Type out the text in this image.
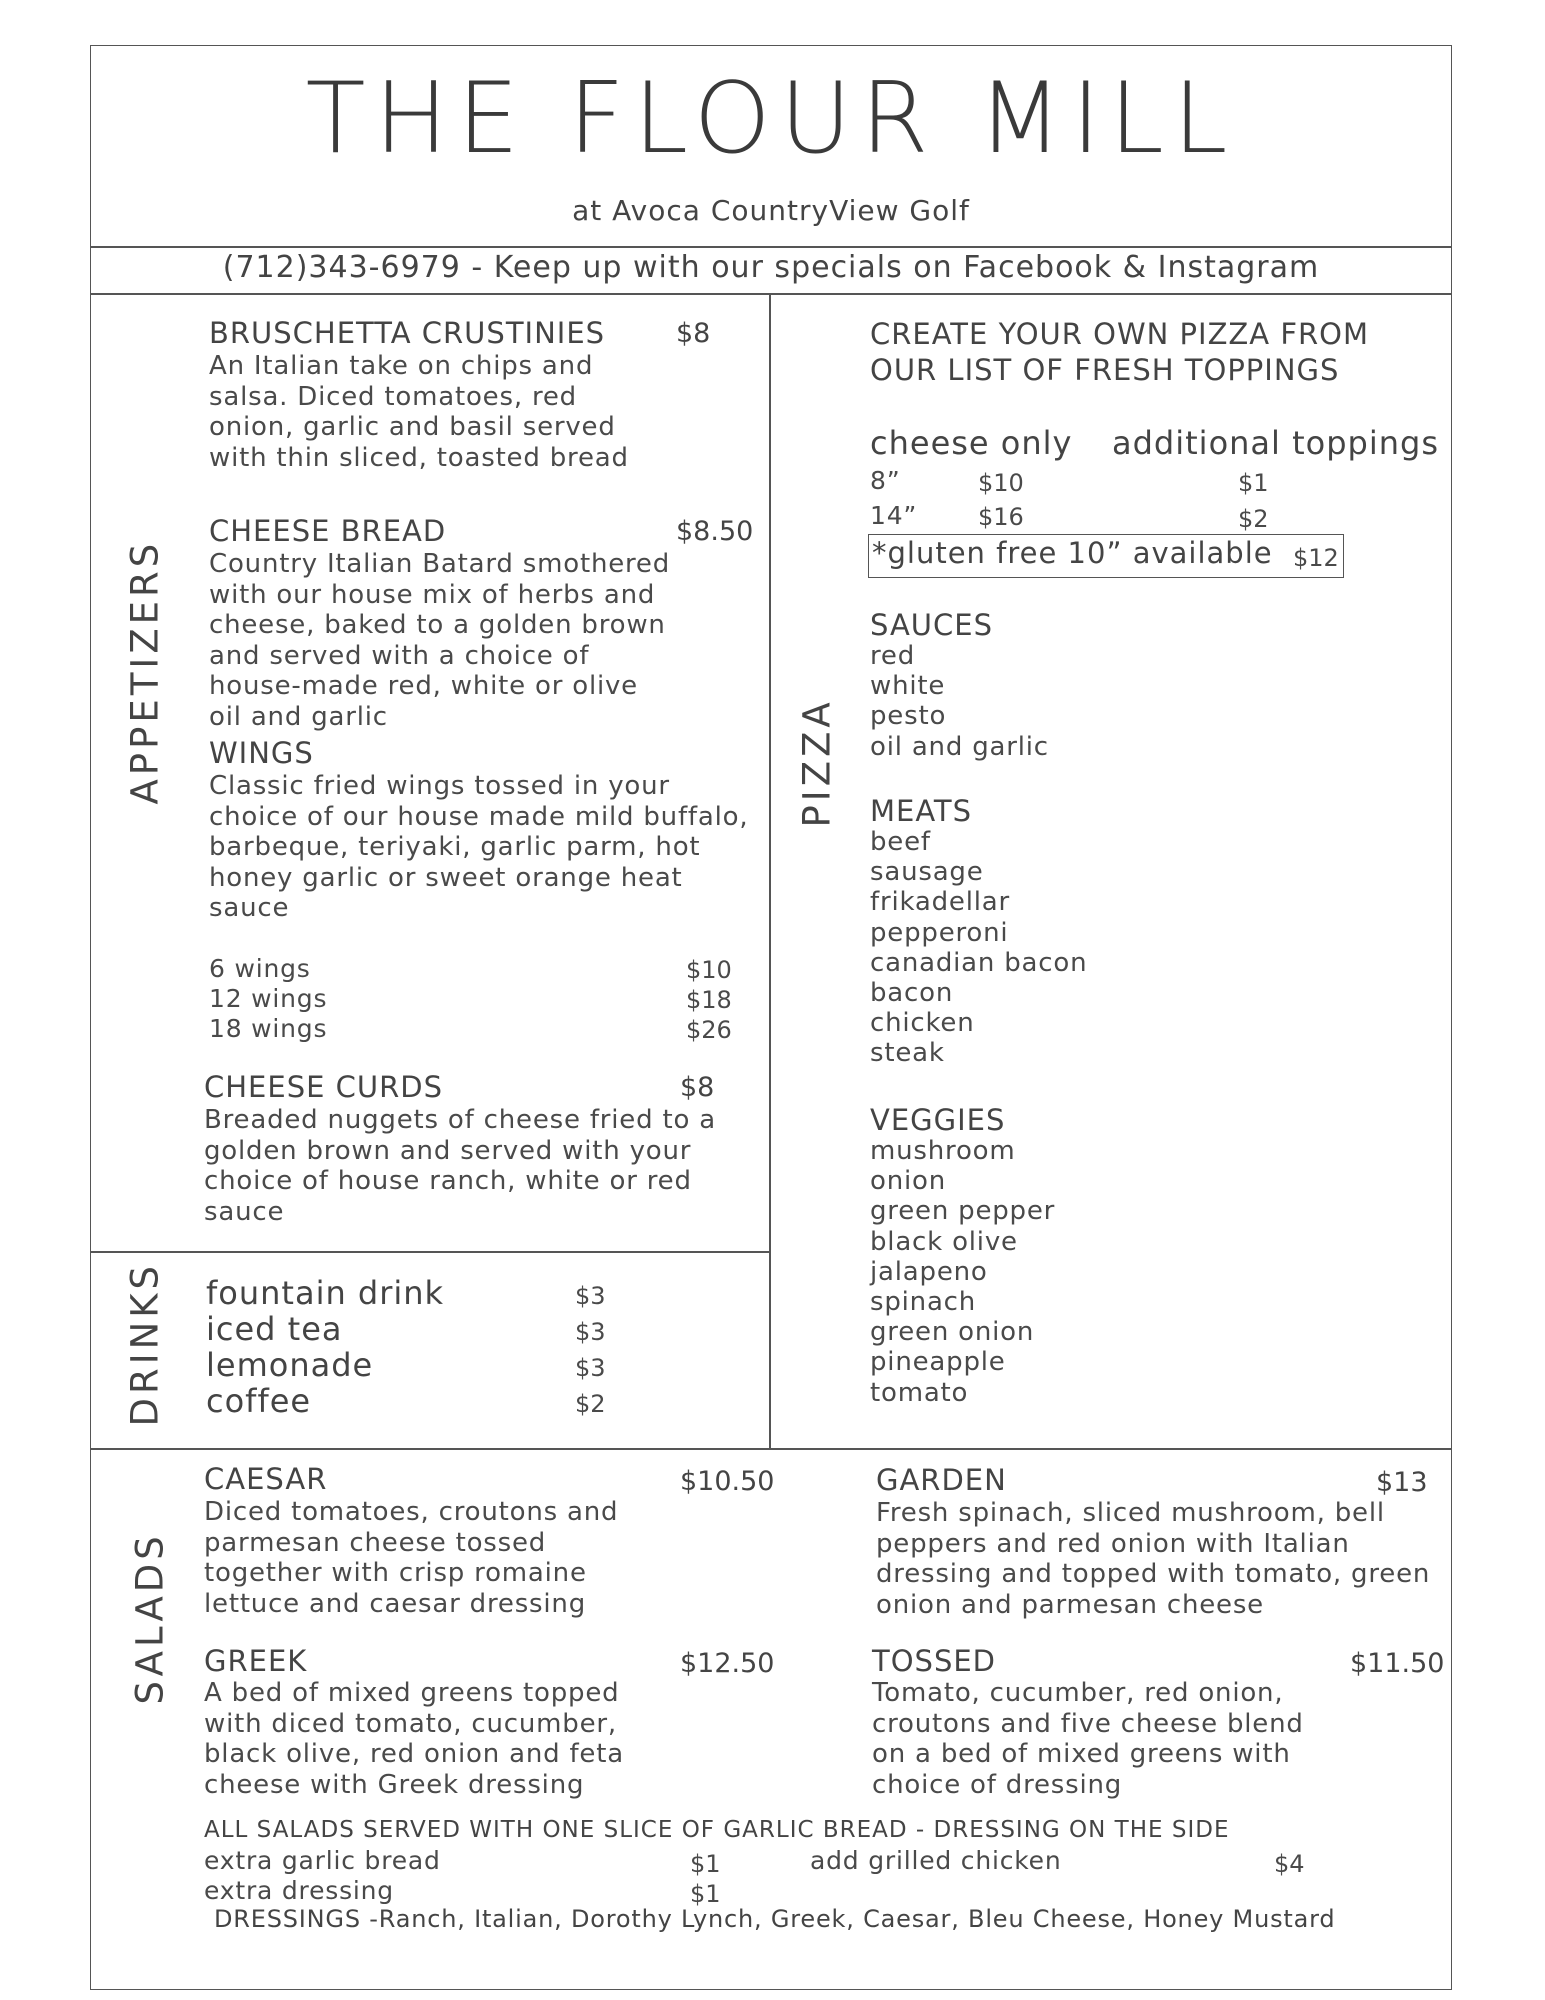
THE FLOUR MILL
at Avoca CountryView Golf
(712)343-6979 - Keep up with our specials on Facebook & Instagram
APPETIZERS
DRINKS
PIZZA
SALADS
BRUSCHETTA CRUSTINIES	$8
An Italian take on chips and salsa. Diced tomatoes, red onion, garlic and basil served with thin sliced, toasted bread
CHEESE BREAD	$8.50
Country Italian Batard smothered with our house mix of herbs and cheese, baked to a golden brown and served with a choice of house-made red, white or olive oil and garlic
WINGS
Classic fried wings tossed in your choice of our house made mild buffalo, barbeque, teriyaki, garlic parm, hot honey garlic or sweet orange heat sauce
6 wings	$10
12 wings	$18
18 wings	$26
CHEESE CURDS	$8
Breaded nuggets of cheese fried to a golden brown and served with your choice of house ranch, white or red sauce
fountain drink	$3
iced tea	$3
lemonade	$3
coffee	$2
CREATE YOUR OWN PIZZA FROM
OUR LIST OF FRESH TOPPINGS
cheese only additional toppings
8”	$10	$1
14”	$16	$2
*gluten free 10” available $12
SAUCES
red
white
pesto
oil and garlic
MEATS
beef
sausage
frikadellar
pepperoni
canadian bacon
bacon
chicken
steak
VEGGIES
mushroom
onion
green pepper
black olive
jalapeno
spinach
green onion
pineapple
tomato
CAESAR	$10.50
Diced tomatoes, croutons and parmesan cheese tossed together with crisp romaine lettuce and caesar dressing
GARDEN	$13
Fresh spinach, sliced mushroom, bell peppers and red onion with Italian dressing and topped with tomato, green onion and parmesan cheese
GREEK	$12.50
A bed of mixed greens topped with diced tomato, cucumber, black olive, red onion and feta cheese with Greek dressing
TOSSED	$11.50
Tomato, cucumber, red onion, croutons and five cheese blend on a bed of mixed greens with choice of dressing
ALL SALADS SERVED WITH ONE SLICE OF GARLIC BREAD - DRESSING ON THE SIDE
extra garlic bread	$1
extra dressing	$1
add grilled chicken	$4
DRESSINGS -Ranch, Italian, Dorothy Lynch, Greek, Caesar, Bleu Cheese, Honey Mustard
